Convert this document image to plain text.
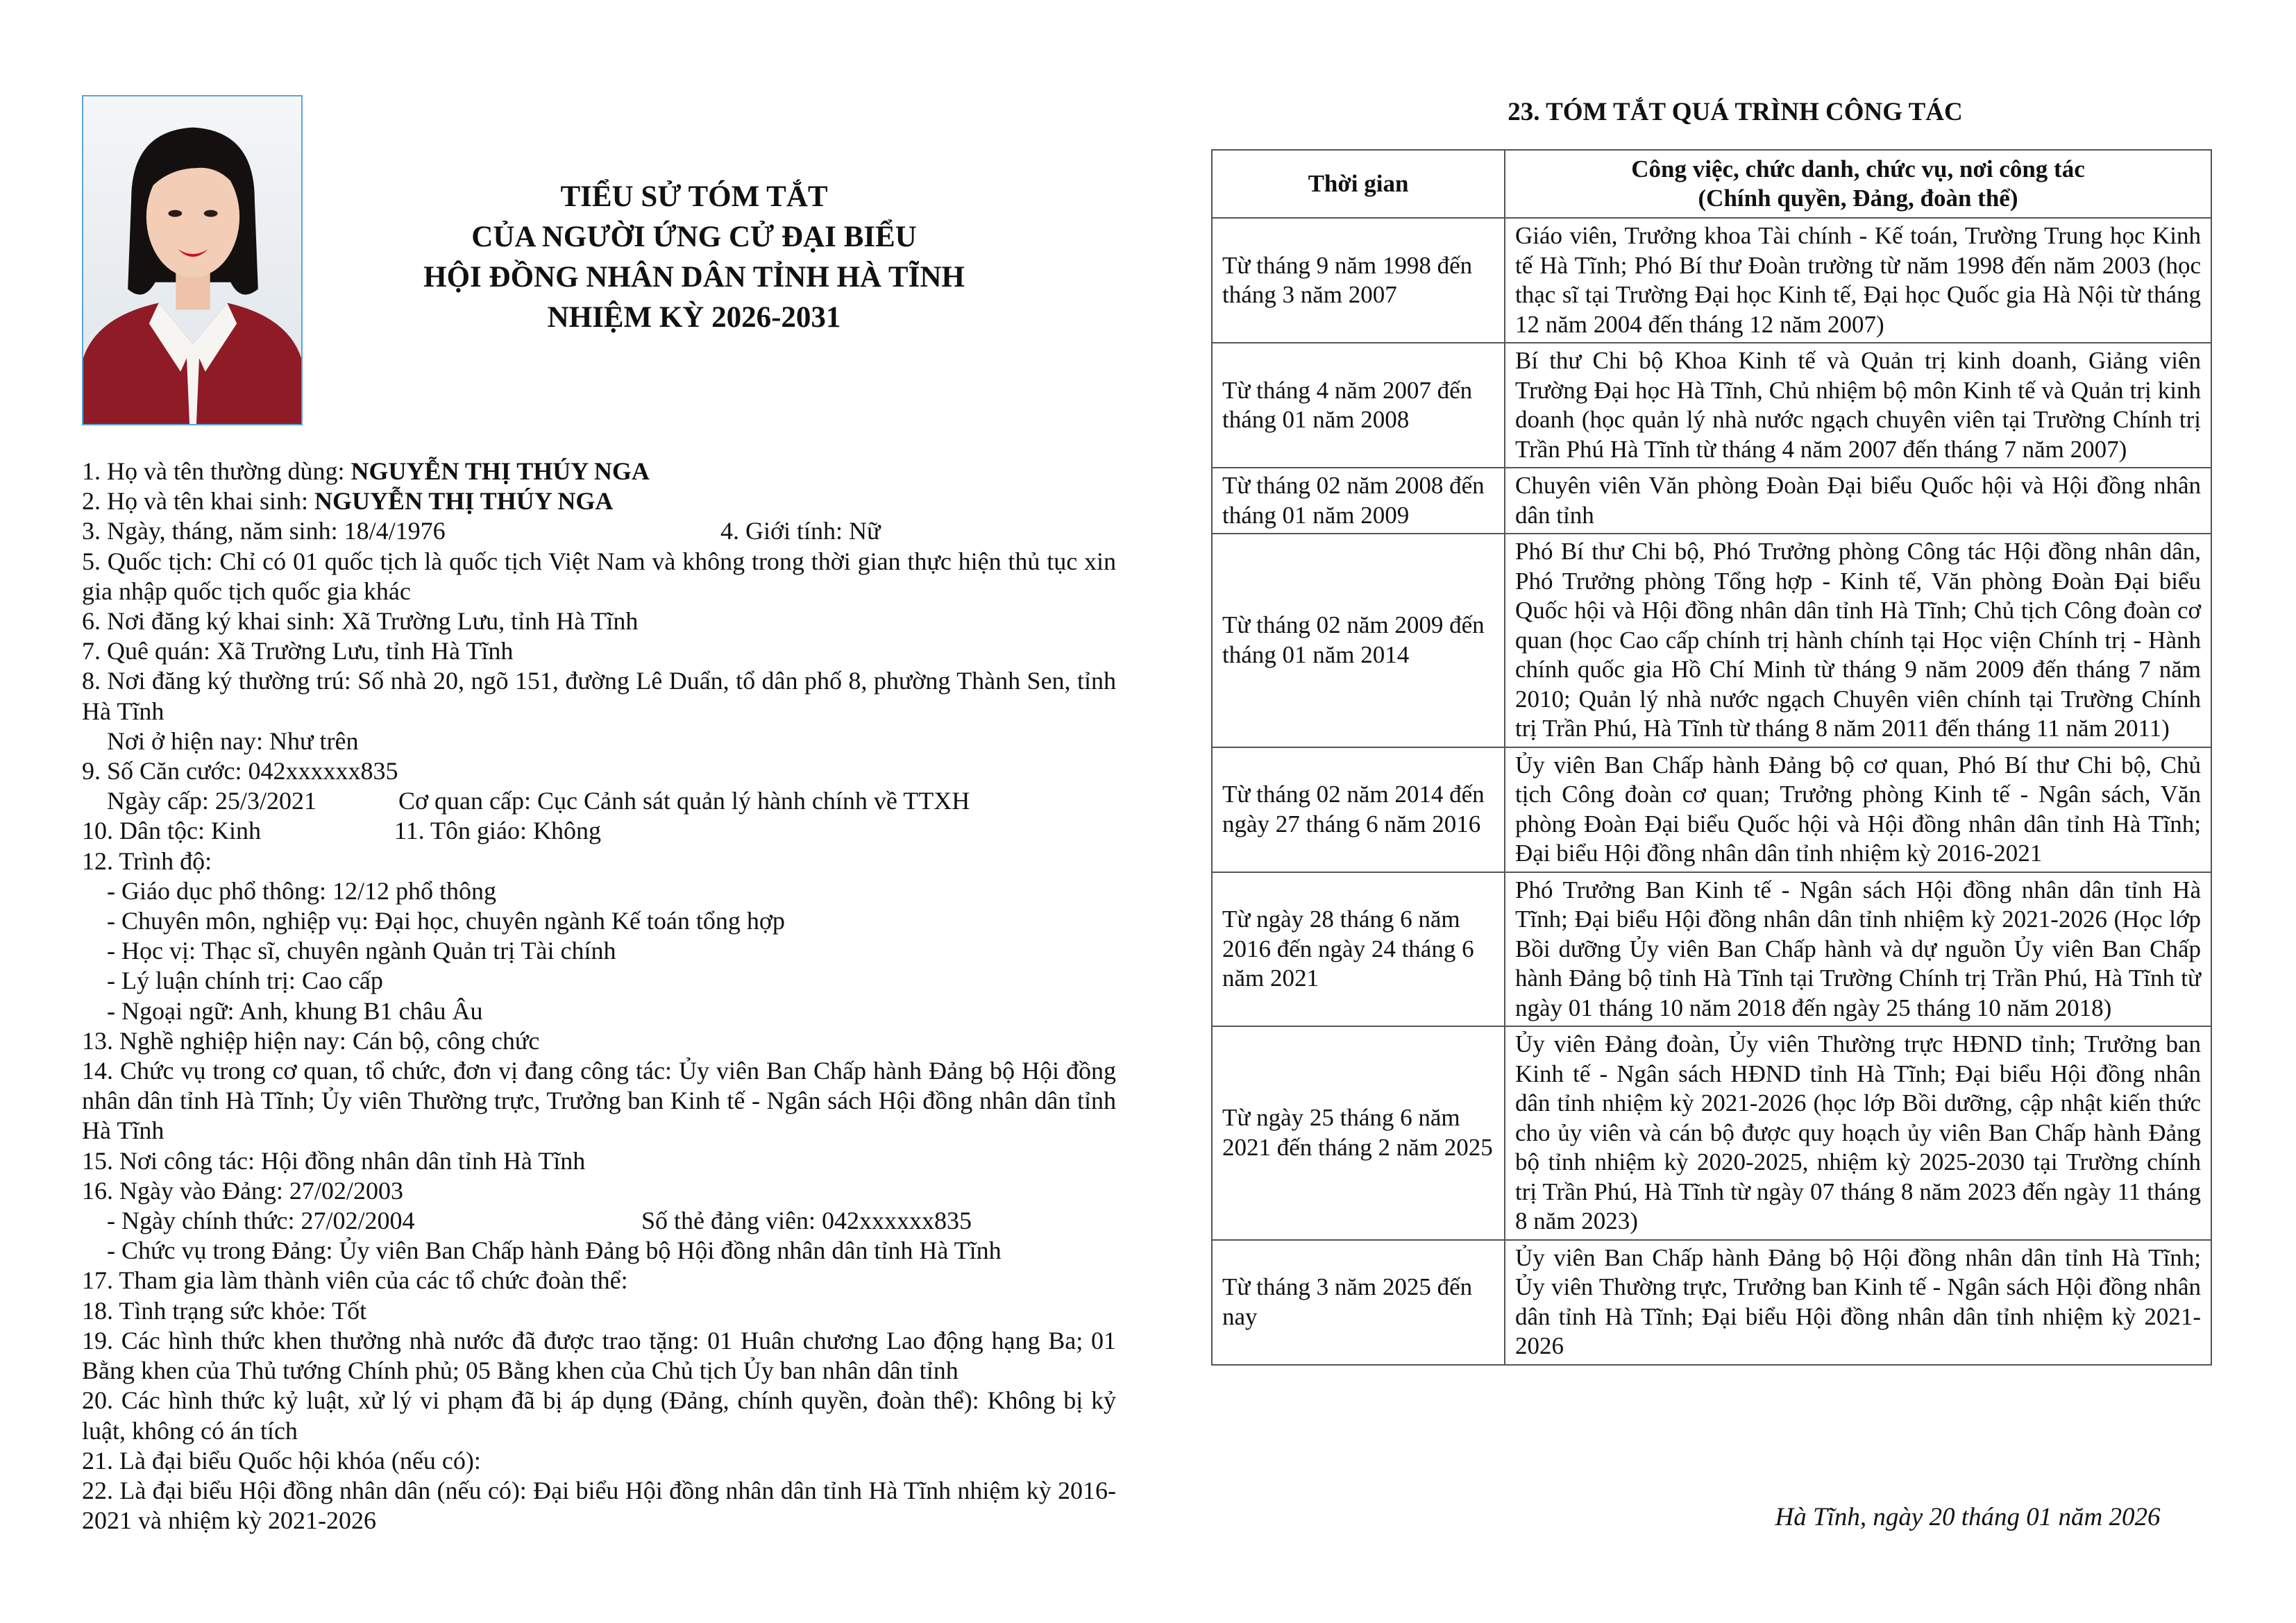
TIỂU SỬ TÓM TẮT
CỦA NGƯỜI ỨNG CỬ ĐẠI BIỂU
HỘI ĐỒNG NHÂN DÂN TỈNH HÀ TĨNH
NHIỆM KỲ 2026-2031
1. Họ và tên thường dùng: NGUYỄN THỊ THÚY NGA
2. Họ và tên khai sinh: NGUYỄN THỊ THÚY NGA
3. Ngày, tháng, năm sinh: 18/4/1976	4. Giới tính: Nữ
5. Quốc tịch: Chỉ có 01 quốc tịch là quốc tịch Việt Nam và không trong thời gian thực hiện thủ tục xin gia nhập quốc tịch quốc gia khác
6. Nơi đăng ký khai sinh: Xã Trường Lưu, tỉnh Hà Tĩnh
7. Quê quán: Xã Trường Lưu, tỉnh Hà Tĩnh
8. Nơi đăng ký thường trú: Số nhà 20, ngõ 151, đường Lê Duẩn, tổ dân phố 8, phường Thành Sen, tỉnh Hà Tĩnh
Nơi ở hiện nay: Như trên
9. Số Căn cước: 042xxxxxx835
Ngày cấp: 25/3/2021	Cơ quan cấp: Cục Cảnh sát quản lý hành chính về TTXH
10. Dân tộc: Kinh	11. Tôn giáo: Không
12. Trình độ:
- Giáo dục phổ thông: 12/12 phổ thông
- Chuyên môn, nghiệp vụ: Đại học, chuyên ngành Kế toán tổng hợp
- Học vị: Thạc sĩ, chuyên ngành Quản trị Tài chính
- Lý luận chính trị: Cao cấp
- Ngoại ngữ: Anh, khung B1 châu Âu
13. Nghề nghiệp hiện nay: Cán bộ, công chức
14. Chức vụ trong cơ quan, tổ chức, đơn vị đang công tác: Ủy viên Ban Chấp hành Đảng bộ Hội đồng nhân dân tỉnh Hà Tĩnh; Ủy viên Thường trực, Trưởng ban Kinh tế - Ngân sách Hội đồng nhân dân tỉnh Hà Tĩnh
15. Nơi công tác: Hội đồng nhân dân tỉnh Hà Tĩnh
16. Ngày vào Đảng: 27/02/2003
- Ngày chính thức: 27/02/2004	Số thẻ đảng viên: 042xxxxxx835
- Chức vụ trong Đảng: Ủy viên Ban Chấp hành Đảng bộ Hội đồng nhân dân tỉnh Hà Tĩnh
17. Tham gia làm thành viên của các tổ chức đoàn thể:
18. Tình trạng sức khỏe: Tốt
19. Các hình thức khen thưởng nhà nước đã được trao tặng: 01 Huân chương Lao động hạng Ba; 01 Bằng khen của Thủ tướng Chính phủ; 05 Bằng khen của Chủ tịch Ủy ban nhân dân tỉnh
20. Các hình thức kỷ luật, xử lý vi phạm đã bị áp dụng (Đảng, chính quyền, đoàn thể): Không bị kỷ luật, không có án tích
21. Là đại biểu Quốc hội khóa (nếu có):
22. Là đại biểu Hội đồng nhân dân (nếu có): Đại biểu Hội đồng nhân dân tỉnh Hà Tĩnh nhiệm kỳ 2016-2021 và nhiệm kỳ 2021-2026
23. TÓM TẮT QUÁ TRÌNH CÔNG TÁC
Thời gian	Công việc, chức danh, chức vụ, nơi công tác
(Chính quyền, Đảng, đoàn thể)

Từ tháng 9 năm 1998 đến tháng 3 năm 2007	Giáo viên, Trưởng khoa Tài chính - Kế toán, Trường Trung học Kinh tế Hà Tĩnh; Phó Bí thư Đoàn trường từ năm 1998 đến năm 2003 (học thạc sĩ tại Trường Đại học Kinh tế, Đại học Quốc gia Hà Nội từ tháng 12 năm 2004 đến tháng 12 năm 2007)
Từ tháng 4 năm 2007 đến tháng 01 năm 2008	Bí thư Chi bộ Khoa Kinh tế và Quản trị kinh doanh, Giảng viên Trường Đại học Hà Tĩnh, Chủ nhiệm bộ môn Kinh tế và Quản trị kinh doanh (học quản lý nhà nước ngạch chuyên viên tại Trường Chính trị Trần Phú Hà Tĩnh từ tháng 4 năm 2007 đến tháng 7 năm 2007)
Từ tháng 02 năm 2008 đến tháng 01 năm 2009	Chuyên viên Văn phòng Đoàn Đại biểu Quốc hội và Hội đồng nhân dân tỉnh
Từ tháng 02 năm 2009 đến tháng 01 năm 2014	Phó Bí thư Chi bộ, Phó Trưởng phòng Công tác Hội đồng nhân dân, Phó Trưởng phòng Tổng hợp - Kinh tế, Văn phòng Đoàn Đại biểu Quốc hội và Hội đồng nhân dân tỉnh Hà Tĩnh; Chủ tịch Công đoàn cơ quan (học Cao cấp chính trị hành chính tại Học viện Chính trị - Hành chính quốc gia Hồ Chí Minh từ tháng 9 năm 2009 đến tháng 7 năm 2010; Quản lý nhà nước ngạch Chuyên viên chính tại Trường Chính trị Trần Phú, Hà Tĩnh từ tháng 8 năm 2011 đến tháng 11 năm 2011)
Từ tháng 02 năm 2014 đến ngày 27 tháng 6 năm 2016	Ủy viên Ban Chấp hành Đảng bộ cơ quan, Phó Bí thư Chi bộ, Chủ tịch Công đoàn cơ quan; Trưởng phòng Kinh tế - Ngân sách, Văn phòng Đoàn Đại biểu Quốc hội và Hội đồng nhân dân tỉnh Hà Tĩnh; Đại biểu Hội đồng nhân dân tỉnh nhiệm kỳ 2016-2021
Từ ngày 28 tháng 6 năm 2016 đến ngày 24 tháng 6 năm 2021	Phó Trưởng Ban Kinh tế - Ngân sách Hội đồng nhân dân tỉnh Hà Tĩnh; Đại biểu Hội đồng nhân dân tỉnh nhiệm kỳ 2021-2026 (Học lớp Bồi dưỡng Ủy viên Ban Chấp hành và dự nguồn Ủy viên Ban Chấp hành Đảng bộ tỉnh Hà Tĩnh tại Trường Chính trị Trần Phú, Hà Tĩnh từ ngày 01 tháng 10 năm 2018 đến ngày 25 tháng 10 năm 2018)
Từ ngày 25 tháng 6 năm 2021 đến tháng 2 năm 2025	Ủy viên Đảng đoàn, Ủy viên Thường trực HĐND tỉnh; Trưởng ban Kinh tế - Ngân sách HĐND tỉnh Hà Tĩnh; Đại biểu Hội đồng nhân dân tỉnh nhiệm kỳ 2021-2026 (học lớp Bồi dưỡng, cập nhật kiến thức cho ủy viên và cán bộ được quy hoạch ủy viên Ban Chấp hành Đảng bộ tỉnh nhiệm kỳ 2020-2025, nhiệm kỳ 2025-2030 tại Trường chính trị Trần Phú, Hà Tĩnh từ ngày 07 tháng 8 năm 2023 đến ngày 11 tháng 8 năm 2023)
Từ tháng 3 năm 2025 đến nay	Ủy viên Ban Chấp hành Đảng bộ Hội đồng nhân dân tỉnh Hà Tĩnh; Ủy viên Thường trực, Trưởng ban Kinh tế - Ngân sách Hội đồng nhân dân tỉnh Hà Tĩnh; Đại biểu Hội đồng nhân dân tỉnh nhiệm kỳ 2021-2026
Hà Tĩnh, ngày 20 tháng 01 năm 2026
